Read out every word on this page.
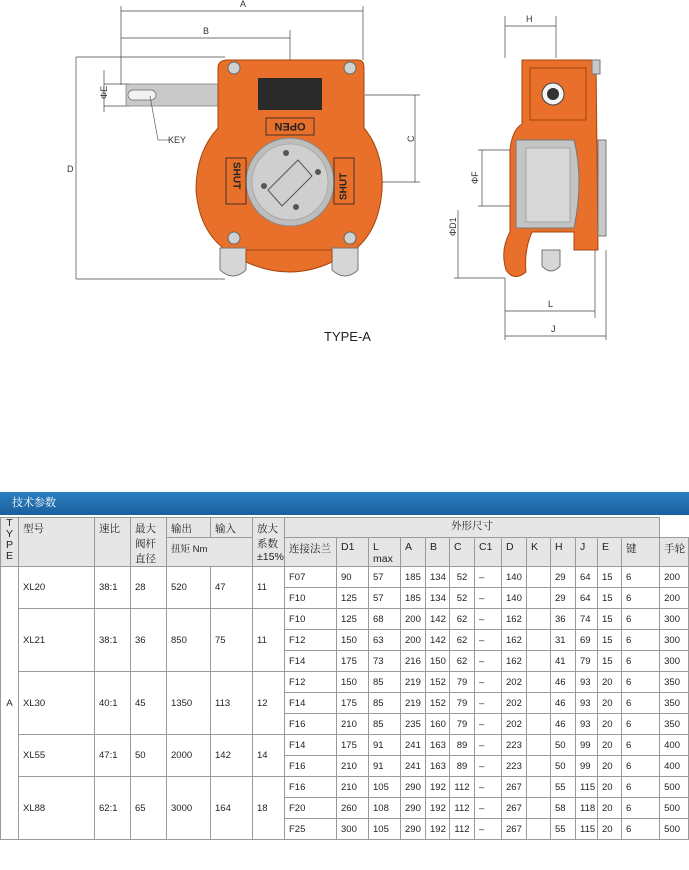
A
B
D
ΦE
C
KEY
OPEN
SHUT	SHUT
TYPE-A
H
ΦF
ΦD1
L
J
技术参数
TYPE	型号	速比	最大阀杆直径	输出	输入	放大系数±15%	外形尺寸													
				扭矩 Nm			连接法兰	D1	L max	A	B	C	C1	D	K	H	J	E	键	手轮
A	XL20	38:1	28	520	47	11	F07	90	57	185	134	52	–	140		29	64	15	6	200
							F10	125	57	185	134	52	–	140		29	64	15	6	200
	XL21	38:1	36	850	75	11	F10	125	68	200	142	62	–	162		36	74	15	6	300
							F12	150	63	200	142	62	–	162		31	69	15	6	300
							F14	175	73	216	150	62	–	162		41	79	15	6	300
	XL30	40:1	45	1350	113	12	F12	150	85	219	152	79	–	202		46	93	20	6	350
							F14	175	85	219	152	79	–	202		46	93	20	6	350
							F16	210	85	235	160	79	–	202		46	93	20	6	350
	XL55	47:1	50	2000	142	14	F14	175	91	241	163	89	–	223		50	99	20	6	400
							F16	210	91	241	163	89	–	223		50	99	20	6	400
	XL88	62:1	65	3000	164	18	F16	210	105	290	192	112	–	267		55	115	20	6	500
							F20	260	108	290	192	112	–	267		58	118	20	6	500
							F25	300	105	290	192	112	–	267		55	115	20	6	500
